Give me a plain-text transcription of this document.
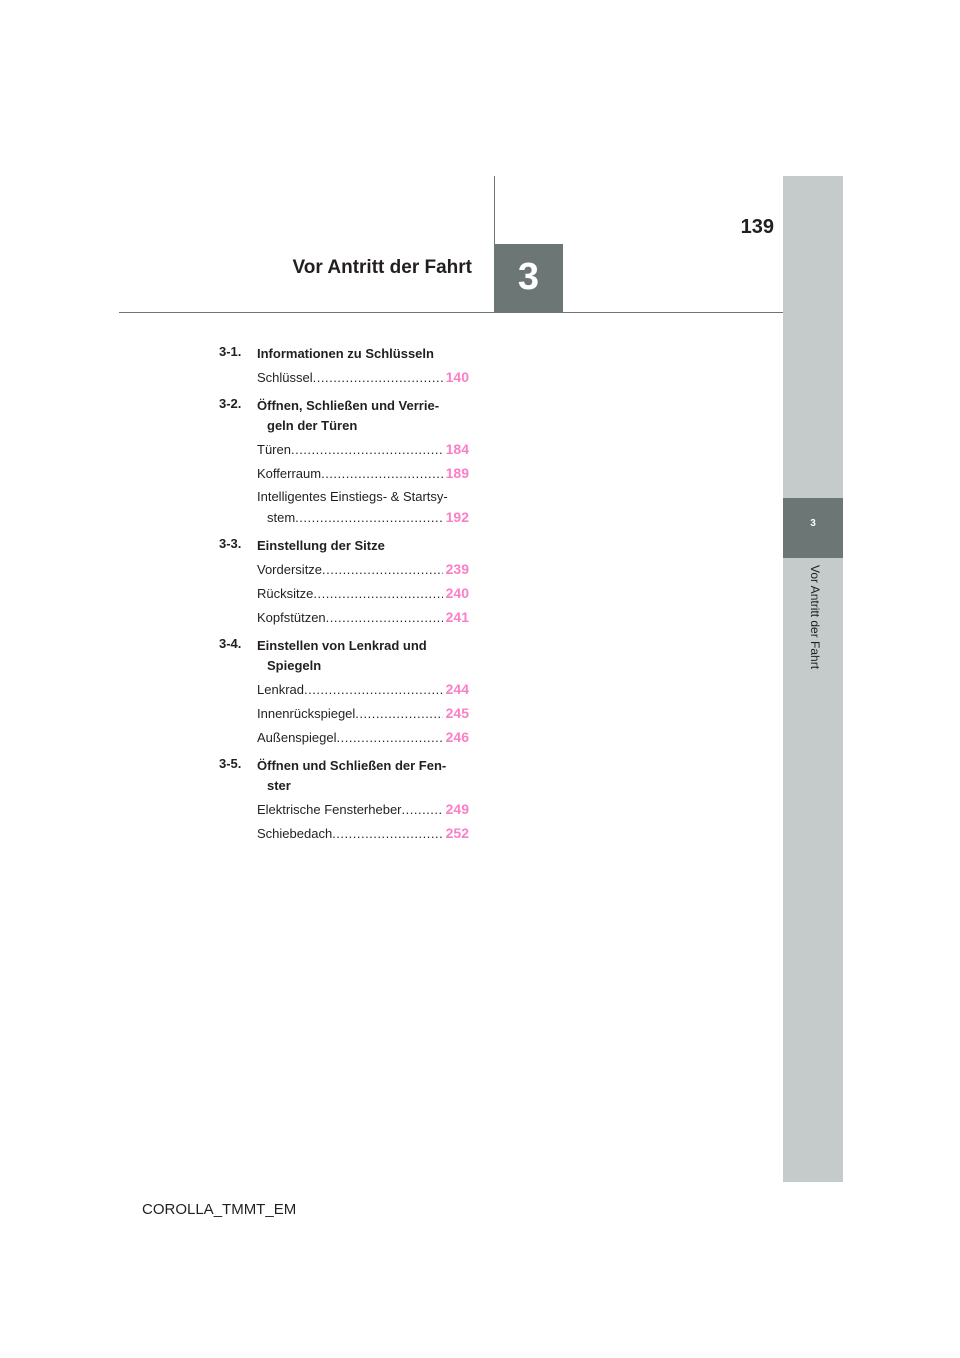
3
Vor Antritt der Fahrt
3
139
Vor Antritt der Fahrt
3-1. Informationen zu Schlüsseln
Schlüssel .....	140
3-2. Öffnen, Schließen und Verrie-
geln der Türen
Türen .....	184
Kofferraum .....	189
Intelligentes Einstiegs- & Startsy-
stem .....	192
3-3. Einstellung der Sitze
Vordersitze .....	239
Rücksitze .....	240
Kopfstützen .....	241
3-4. Einstellen von Lenkrad und
Spiegeln
Lenkrad .....	244
Innenrückspiegel .....	245
Außenspiegel .....	246
3-5. Öffnen und Schließen der Fen-
ster
Elektrische Fensterheber .....	249
Schiebedach .....	252
COROLLA_TMMT_EM
